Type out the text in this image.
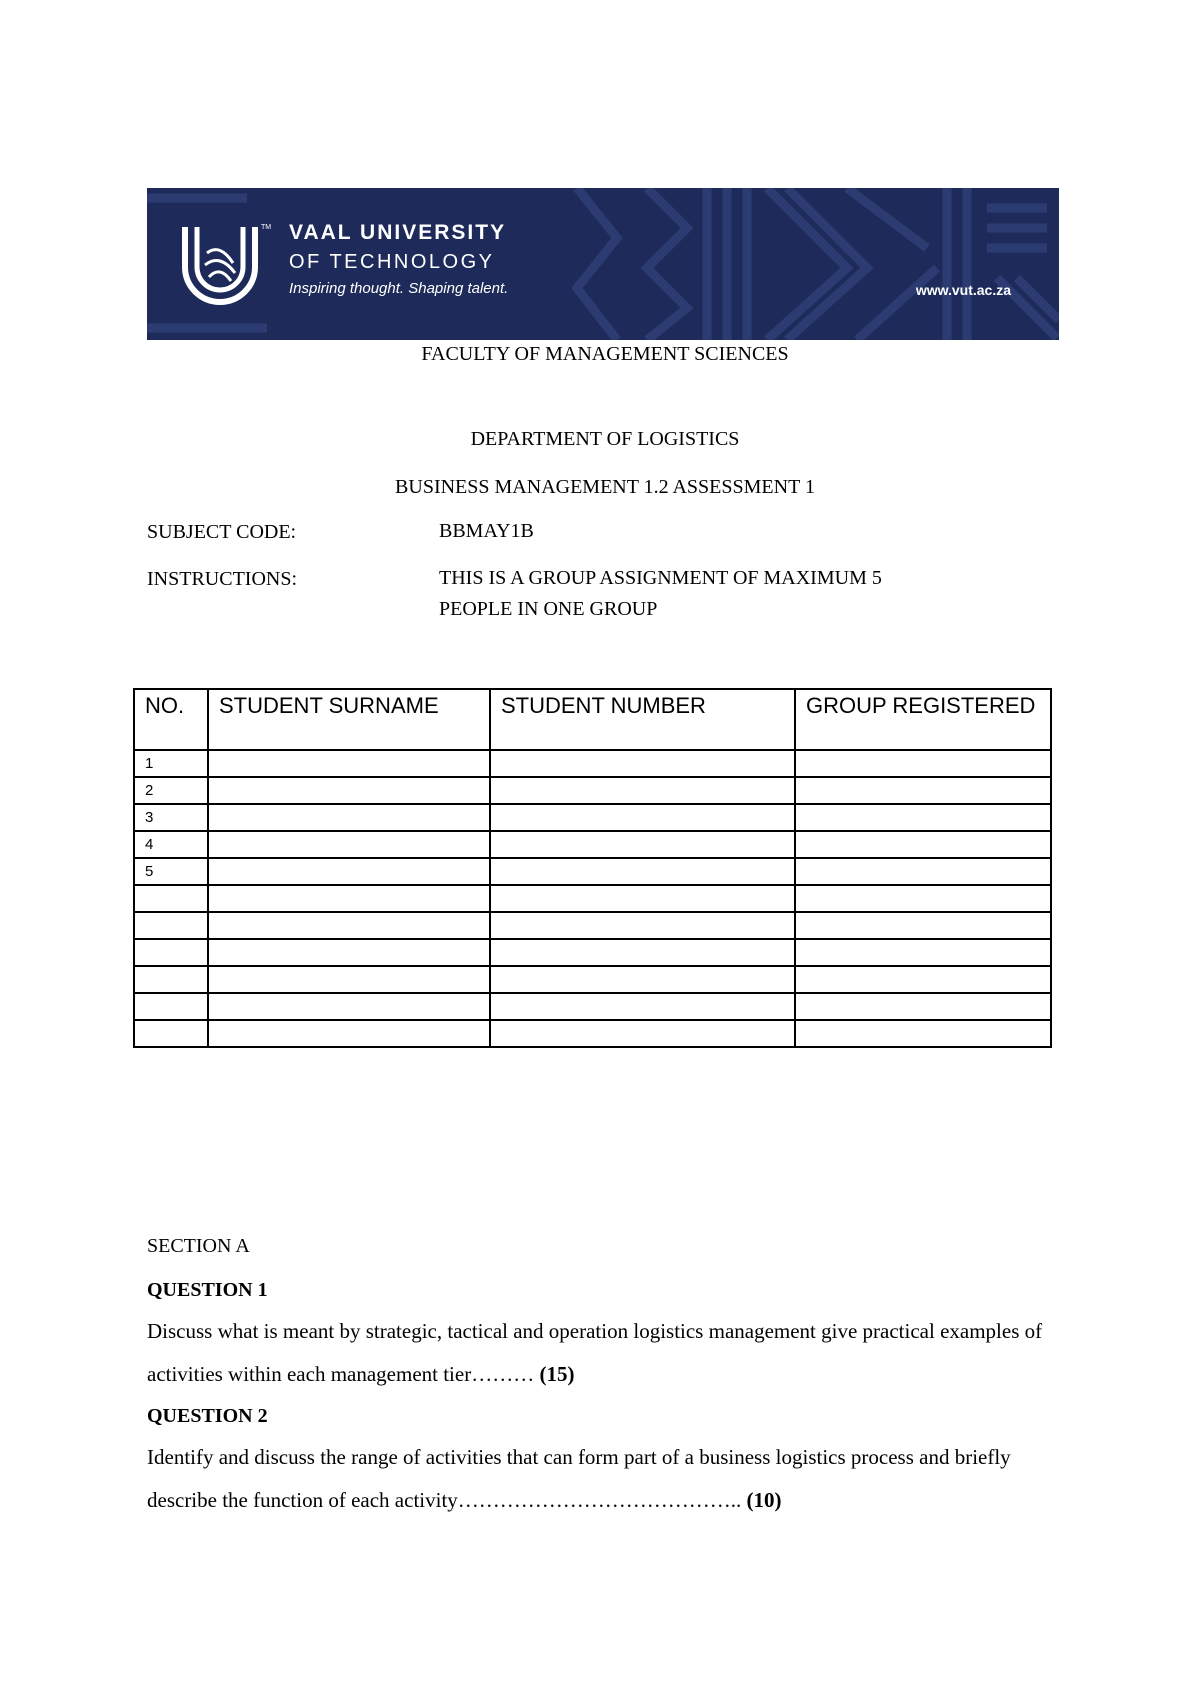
TM VAAL UNIVERSITY
OF TECHNOLOGY
Inspiring thought. Shaping talent.	www.vut.ac.za
FACULTY OF MANAGEMENT SCIENCES
DEPARTMENT OF LOGISTICS
BUSINESS MANAGEMENT 1.2 ASSESSMENT 1
SUBJECT CODE:	BBMAY1B
INSTRUCTIONS:	THIS IS A GROUP ASSIGNMENT OF MAXIMUM 5
PEOPLE IN ONE GROUP
NO.	STUDENT SURNAME	STUDENT NUMBER	GROUP REGISTERED
1			
2			
3			
4			
5			

SECTION A
QUESTION 1
Discuss what is meant by strategic, tactical and operation logistics management give practical examples of activities within each management tier……… (15)
QUESTION 2
Identify and discuss the range of activities that can form part of a business logistics process and briefly describe the function of each activity………………………………….. (10)
